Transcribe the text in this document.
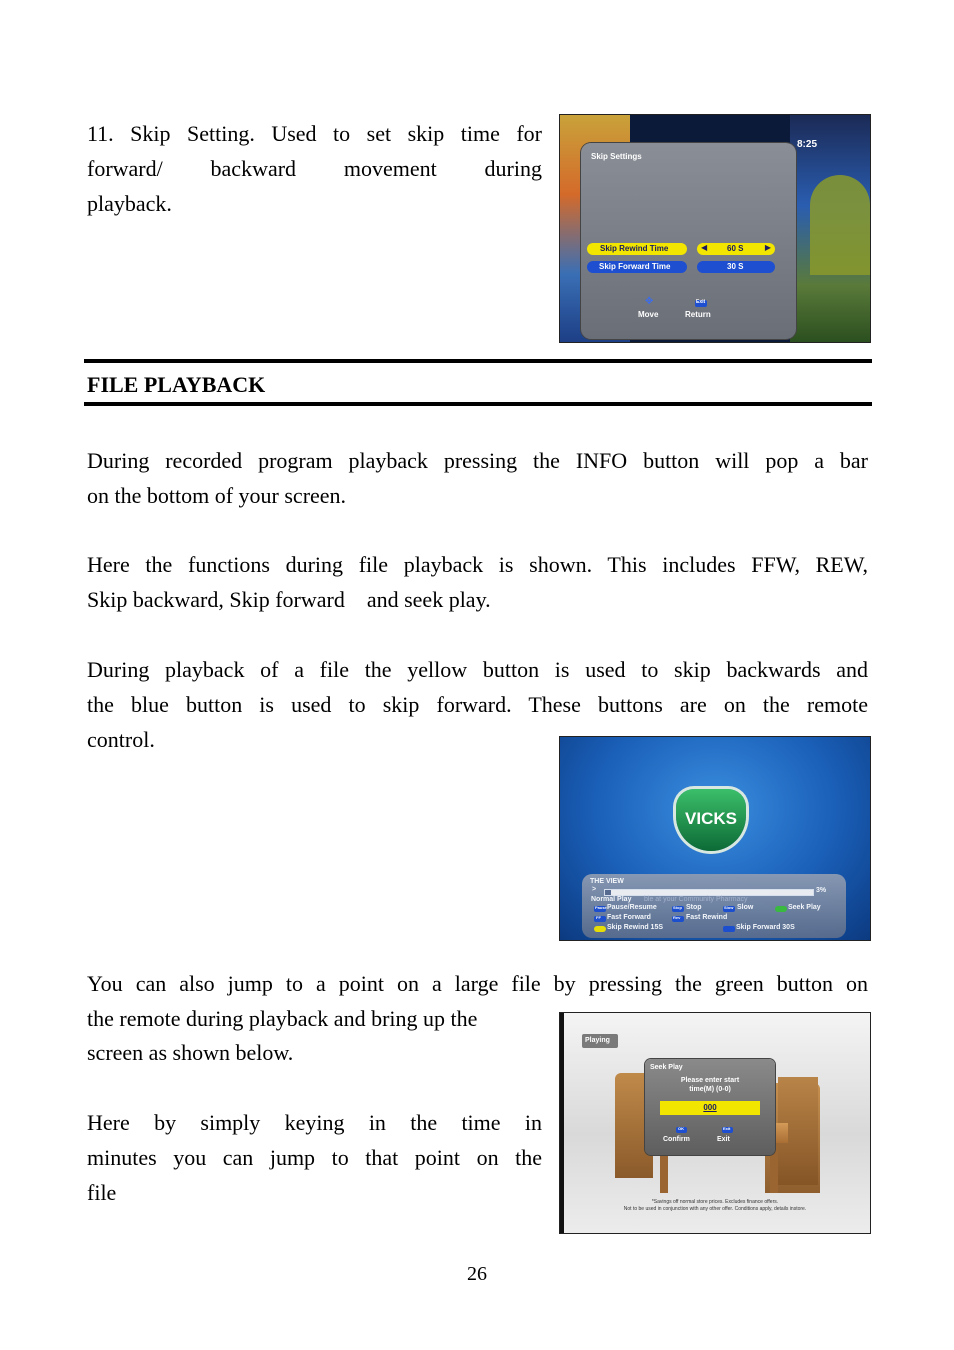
11. Skip Setting. Used to set skip time for

forward/ backward movement during

playback.

8:25
Skip Settings
Skip Rewind Time	◀ 60 S	▶
Skip Forward Time	30 S
✥
Move
Exit
Return
FILE PLAYBACK

During recorded program playback pressing the INFO button will pop a bar

on the bottom of your screen.

Here the functions during file playback is shown. This includes FFW, REW,

Skip backward, Skip forward    and seek play.

During playback of a file the yellow button is used to skip backwards and

the blue button is used to skip forward. These buttons are on the remote

control.

VICKS
THE VIEW
>	3%
Normal Play ble at your Community Pharmacy
Pause Pause/Resume	Stop Stop	Slow Slow	Seek Play
FF Fast Forward	Rev Fast Rewind
Skip Rewind 15S	Skip Forward 30S

You can also jump to a point on a large file by pressing the green button on

the remote during playback and bring up the

screen as shown below.

Here by simply keying in the time in

minutes you can jump to that point on the

file

Playing
Seek Play
Please enter start
time(M) (0-0)
000
OK
Confirm
Exit
Exit
*Savings off normal store prices. Excludes finance offers.
Not to be used in conjunction with any other offer. Conditions apply, details instore.
26
